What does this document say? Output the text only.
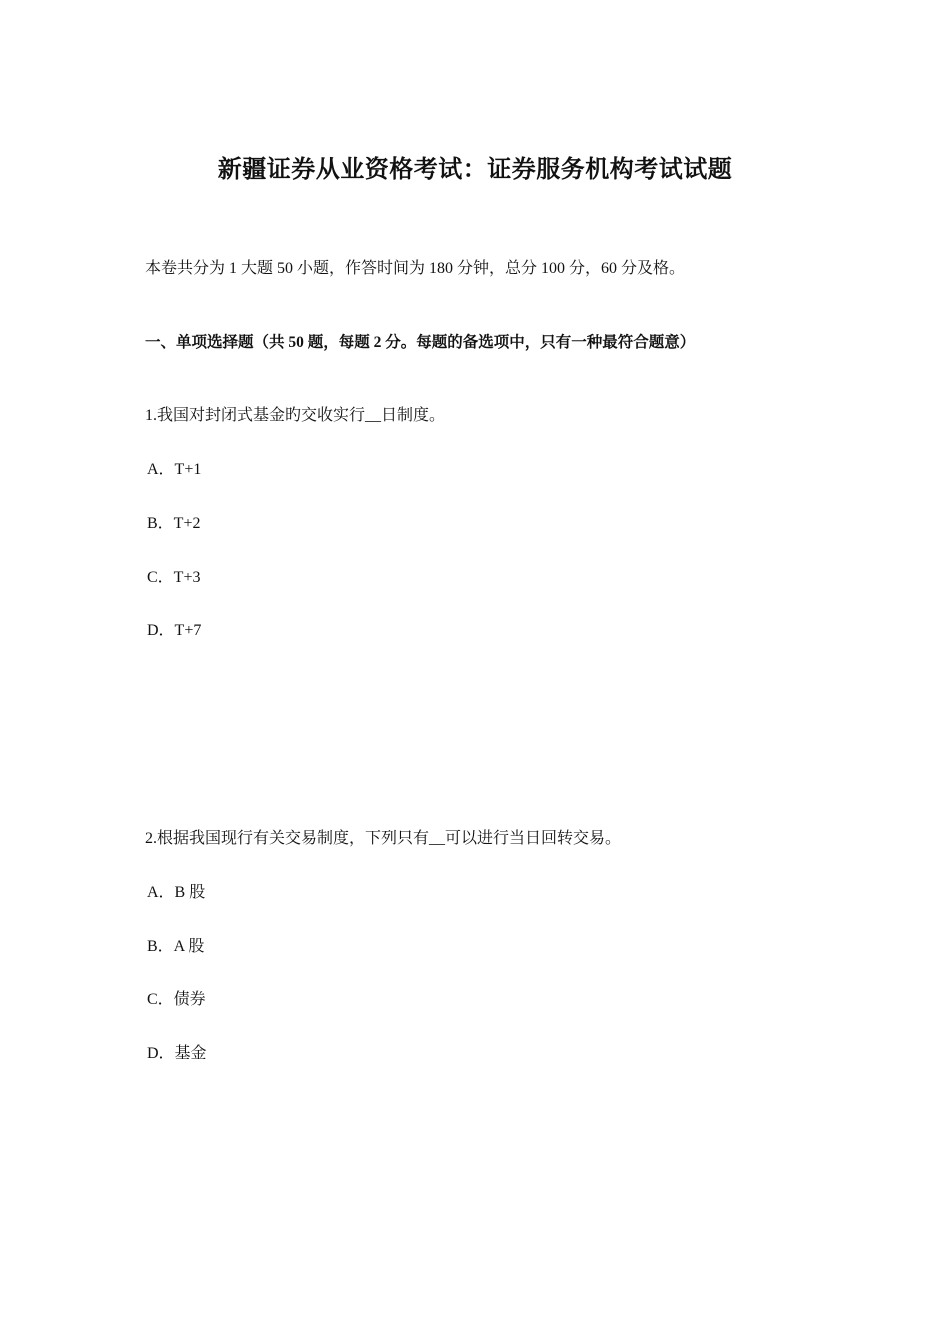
新疆证券从业资格考试：证券服务机构考试试题
本卷共分为 1 大题 50 小题，作答时间为 180 分钟，总分 100 分，60 分及格。
一、单项选择题（共 50 题，每题 2 分。每题的备选项中，只有一种最符合题意）
1.我国对封闭式基金旳交收实行__日制度。
A．T+1
B．T+2
C．T+3
D．T+7
2.根据我国现行有关交易制度，下列只有__可以进行当日回转交易。
A．B 股
B．A 股
C．债券
D．基金
